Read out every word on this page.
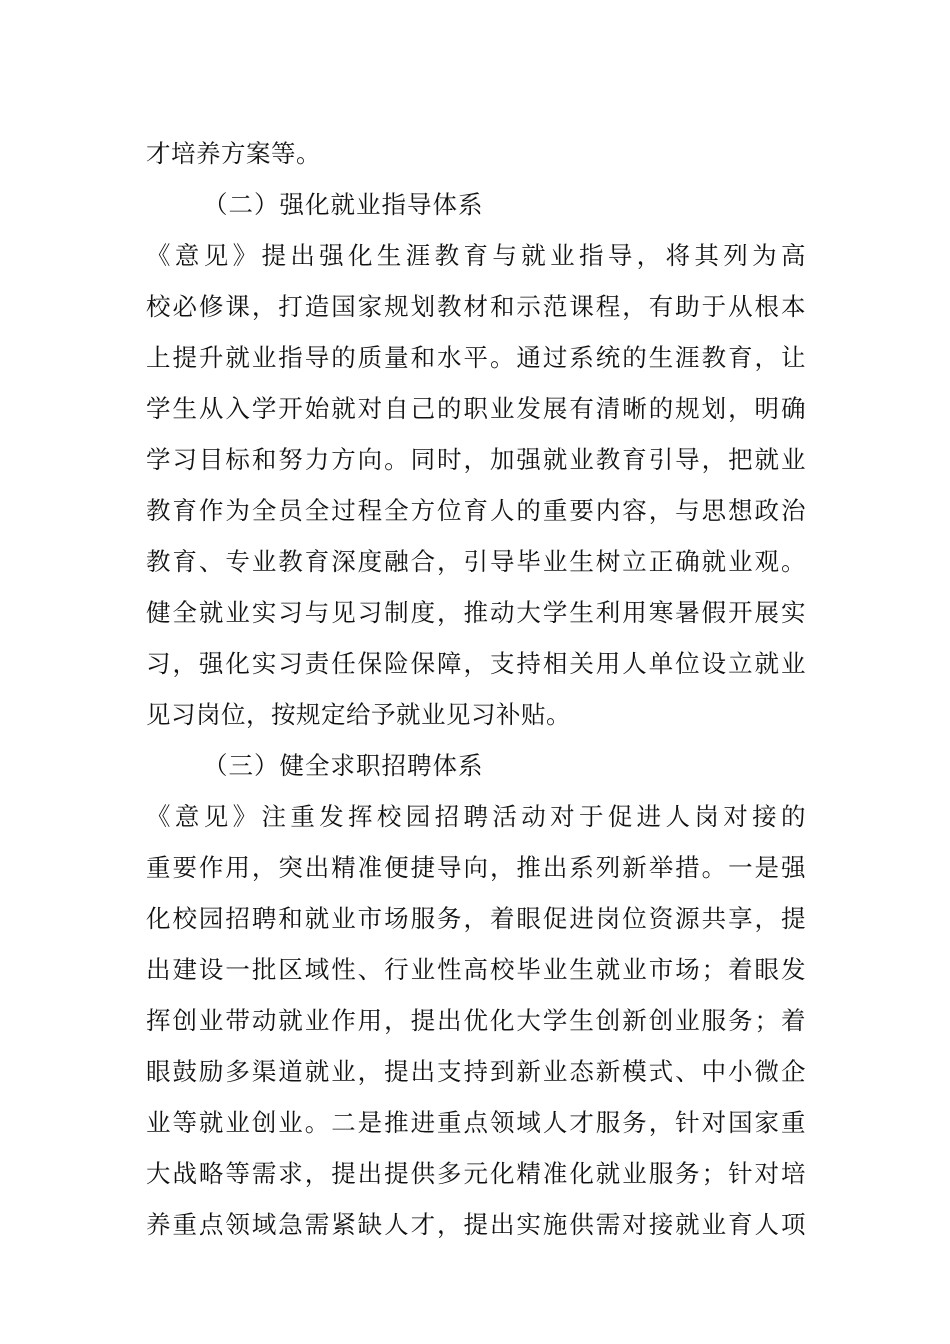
才培养方案等。
（二）强化就业指导体系
《意见》提出强化生涯教育与就业指导，将其列为高
校必修课，打造国家规划教材和示范课程，有助于从根本
上提升就业指导的质量和水平。通过系统的生涯教育，让
学生从入学开始就对自己的职业发展有清晰的规划，明确
学习目标和努力方向。同时，加强就业教育引导，把就业
教育作为全员全过程全方位育人的重要内容，与思想政治
教育、专业教育深度融合，引导毕业生树立正确就业观。
健全就业实习与见习制度，推动大学生利用寒暑假开展实
习，强化实习责任保险保障，支持相关用人单位设立就业
见习岗位，按规定给予就业见习补贴。
（三）健全求职招聘体系
《意见》注重发挥校园招聘活动对于促进人岗对接的
重要作用，突出精准便捷导向，推出系列新举措。一是强
化校园招聘和就业市场服务，着眼促进岗位资源共享，提
出建设一批区域性、行业性高校毕业生就业市场；着眼发
挥创业带动就业作用，提出优化大学生创新创业服务；着
眼鼓励多渠道就业，提出支持到新业态新模式、中小微企
业等就业创业。二是推进重点领域人才服务，针对国家重
大战略等需求，提出提供多元化精准化就业服务；针对培
养重点领域急需紧缺人才，提出实施供需对接就业育人项
